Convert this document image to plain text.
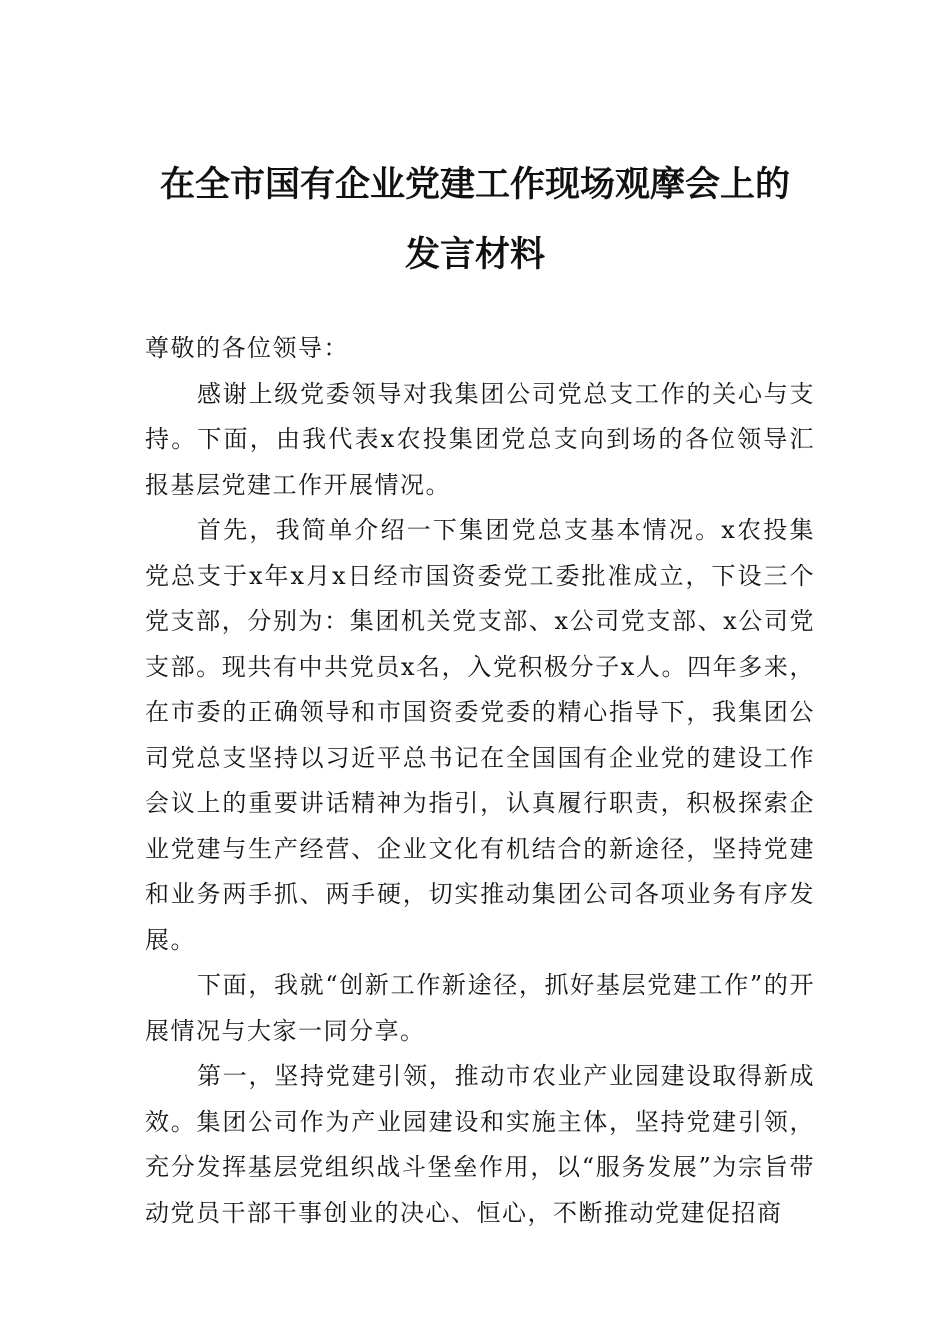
在全市国有企业党建工作现场观摩会上的
发言材料

尊敬的各位领导：

感谢上级党委领导对我集团公司党总支工作的关心与支持。下面，由我代表x农投集团党总支向到场的各位领导汇报基层党建工作开展情况。

首先，我简单介绍一下集团党总支基本情况。x农投集党总支于x年x月x日经市国资委党工委批准成立，下设三个党支部，分别为：集团机关党支部、x公司党支部、x公司党支部。现共有中共党员x名，入党积极分子x人。四年多来，在市委的正确领导和市国资委党委的精心指导下，我集团公司党总支坚持以习近平总书记在全国国有企业党的建设工作会议上的重要讲话精神为指引，认真履行职责，积极探索企业党建与生产经营、企业文化有机结合的新途径，坚持党建和业务两手抓、两手硬，切实推动集团公司各项业务有序发展。

下面，我就“创新工作新途径，抓好基层党建工作”的开展情况与大家一同分享。

第一，坚持党建引领，推动市农业产业园建设取得新成效。集团公司作为产业园建设和实施主体，坚持党建引领，充分发挥基层党组织战斗堡垒作用，以“服务发展”为宗旨带动党员干部干事创业的决心、恒心，不断推动党建促招商
